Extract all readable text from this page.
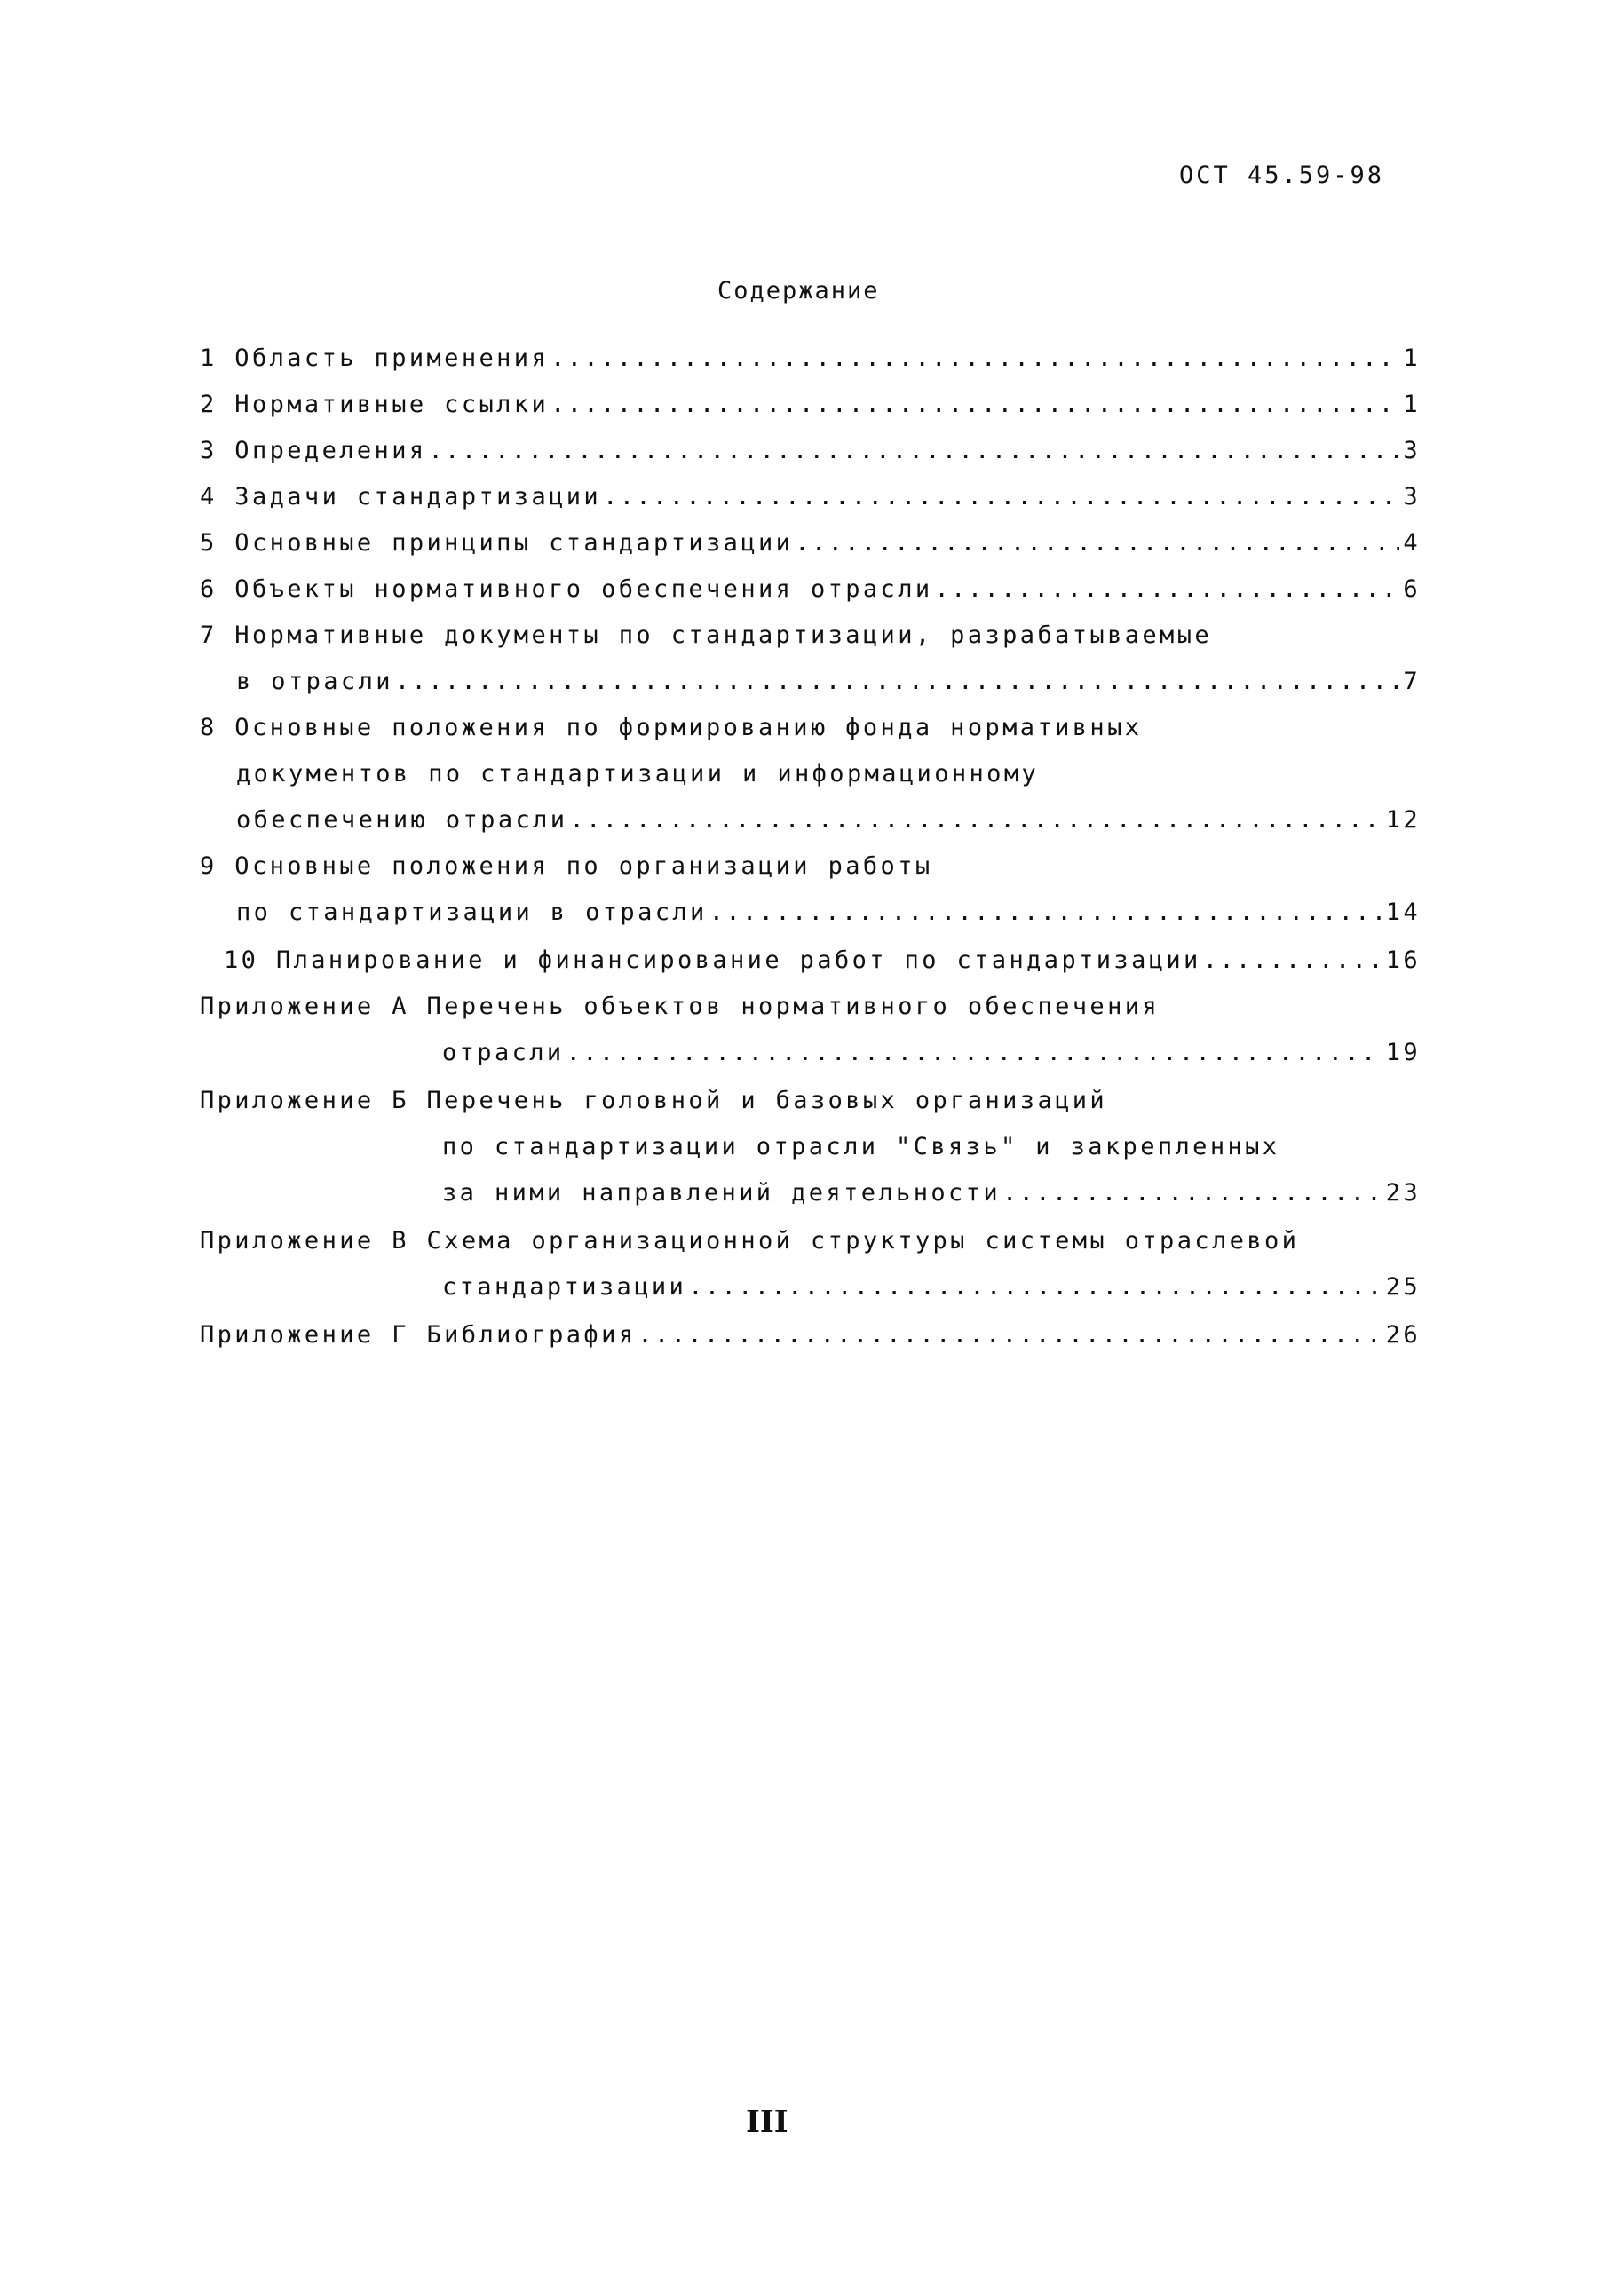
ОСТ 45.59-98
Содержание
1 Область применения .....	1
2 Нормативные ссылки .....	1
3 Определения .....	3
4 Задачи стандартизации .....	3
5 Основные принципы стандартизации .....	4
6 Объекты нормативного обеспечения отрасли .....	6
7 Нормативные документы по стандартизации, разрабатываемые
в отрасли .....	7
8 Основные положения по формированию фонда нормативных
документов по стандартизации и информационному
обеспечению отрасли .....	12
9 Основные положения по организации работы
по стандартизации в отрасли .....	14
10 Планирование и финансирование работ по стандартизации .....	16
Приложение А Перечень объектов нормативного обеспечения
отрасли .....	19
Приложение Б Перечень головной и базовых организаций
по стандартизации отрасли "Связь" и закрепленных
за ними направлений деятельности .....	23
Приложение В Схема организационной структуры системы отраслевой
стандартизации .....	25
Приложение Г Библиография .....	26
III
